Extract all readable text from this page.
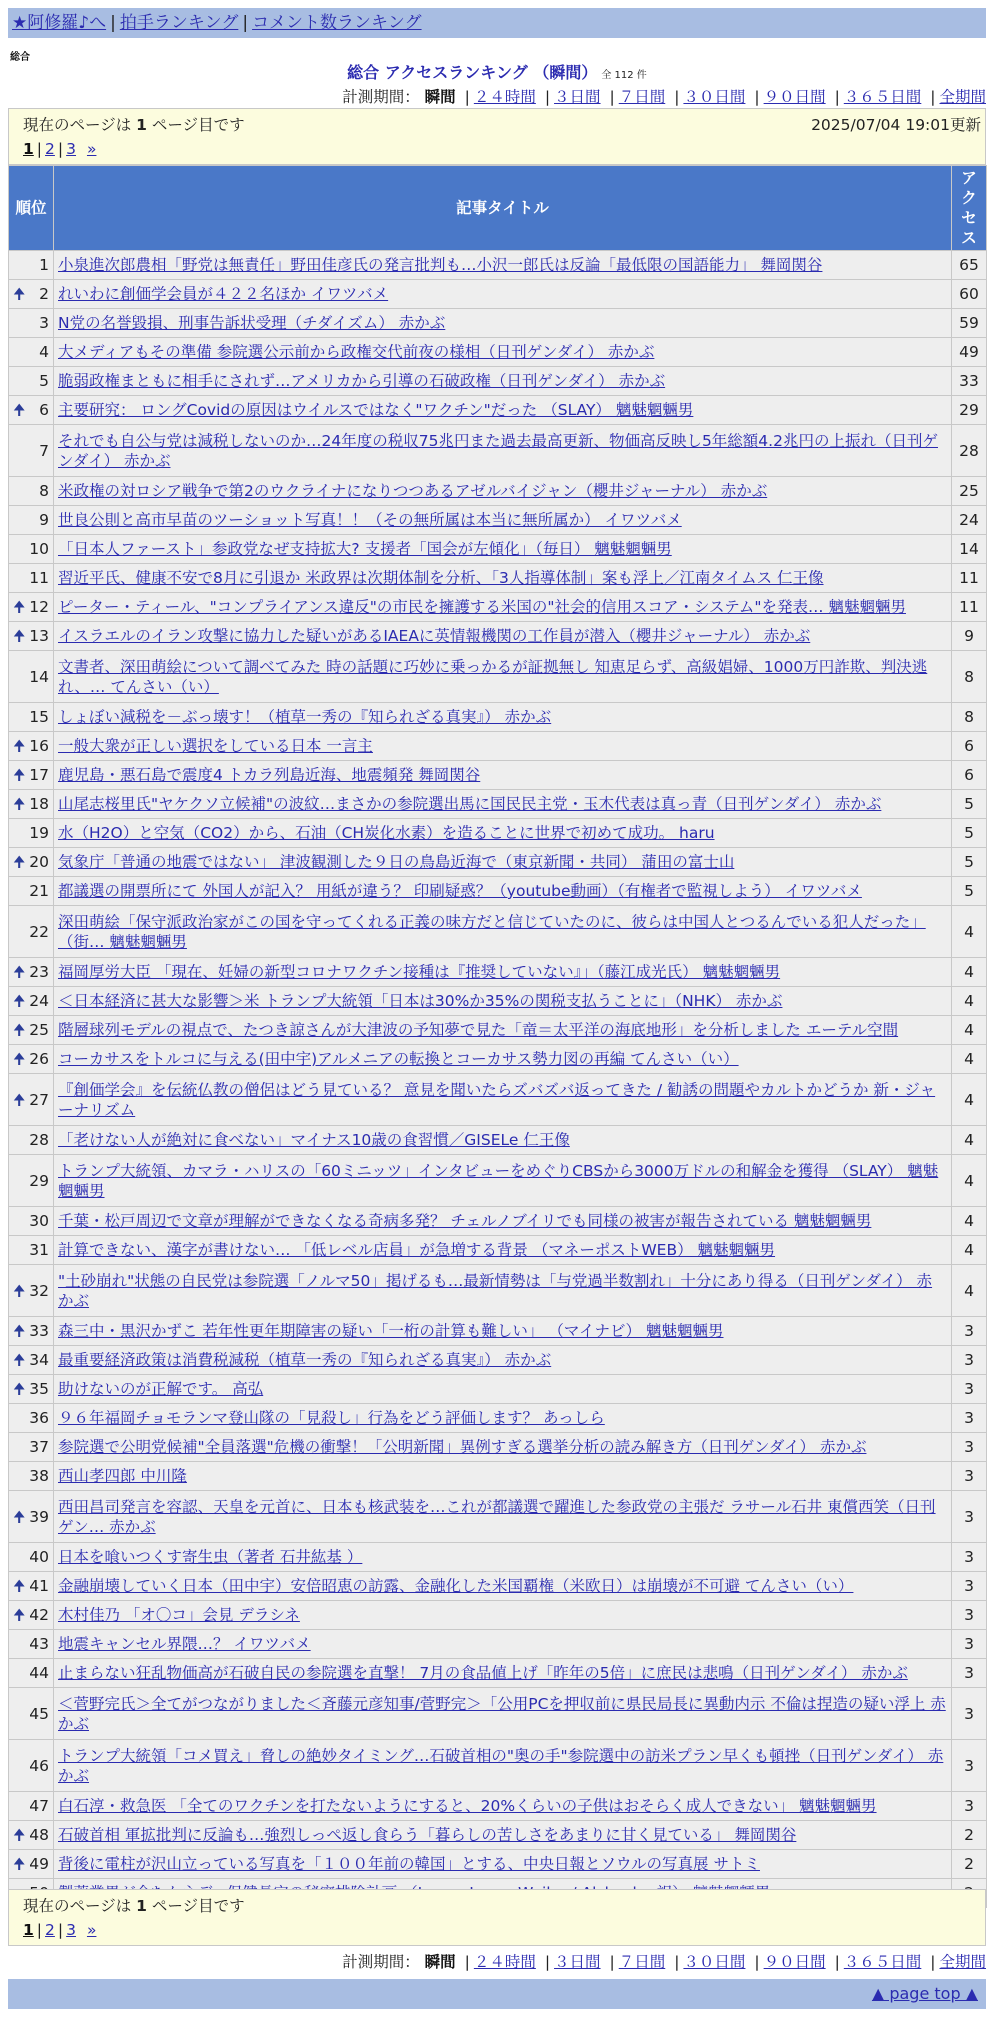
★阿修羅♪へ | 拍手ランキング | コメント数ランキング
総合
総合 アクセスランキング （瞬間） 全 112 件
計測期間： 瞬間 | ２４時間 | ３日間 | ７日間 | ３０日間 | ９０日間 | ３６５日間 | 全期間
現在のページは 1 ページ目です	2025/07/04 19:01更新
1 | 2 | 3 »
順位	記事タイトル	アクセス
1	小泉進次郎農相「野党は無責任」野田佳彦氏の発言批判も…小沢一郎氏は反論「最低限の国語能力」 舞岡関谷	65

🠉 2	れいわに創価学会員が４２２名ほか イワツバメ	60
3	N党の名誉毀損、刑事告訴状受理（チダイズム） 赤かぶ	59
4	大メディアもその準備 参院選公示前から政権交代前夜の様相（日刊ゲンダイ） 赤かぶ	49
5	脆弱政権まともに相手にされず…アメリカから引導の石破政権（日刊ゲンダイ） 赤かぶ	33

🠉 6	主要研究： ロングCovidの原因はウイルスではなく"ワクチン"だった （SLAY） 魑魅魍魎男	29
7	それでも自公与党は減税しないのか…24年度の税収75兆円また過去最高更新、物価高反映し5年総額4.2兆円の上振れ（日刊ゲンダイ） 赤かぶ	28
8	米政権の対ロシア戦争で第2のウクライナになりつつあるアゼルバイジャン（櫻井ジャーナル） 赤かぶ	25
9	世良公則と高市早苗のツーショット写真！！（その無所属は本当に無所属か） イワツバメ	24
10	「日本人ファースト」参政党なぜ支持拡大? 支援者「国会が左傾化」（毎日） 魑魅魍魎男	14
11	習近平氏、健康不安で8月に引退か 米政界は次期体制を分析、「3人指導体制」案も浮上／江南タイムス 仁王像	11

🠉 12	ピーター・ティール、"コンプライアンス違反"の市民を擁護する米国の"社会的信用スコア・システム"を発表… 魑魅魍魎男	11

🠉 13	イスラエルのイラン攻撃に協力した疑いがあるIAEAに英情報機関の工作員が潜入（櫻井ジャーナル） 赤かぶ	9
14	文書者、深田萌絵について調べてみた 時の話題に巧妙に乗っかるが証拠無し 知恵足らず、高級娼婦、1000万円詐欺、判決逃れ、… てんさい（い）	8
15	しょぼい減税を－ぶっ壊す！（植草一秀の『知られざる真実』） 赤かぶ	8

🠉 16	一般大衆が正しい選択をしている日本 一言主	6

🠉 17	鹿児島・悪石島で震度4 トカラ列島近海、地震頻発 舞岡関谷	6

🠉 18	山尾志桜里氏"ヤケクソ立候補"の波紋…まさかの参院選出馬に国民民主党・玉木代表は真っ青（日刊ゲンダイ） 赤かぶ	5
19	水（H2O）と空気（CO2）から、石油（CH炭化水素）を造ることに世界で初めて成功。 haru	5

🠉 20	気象庁「普通の地震ではない」 津波観測した９日の鳥島近海で（東京新聞・共同） 蒲田の富士山	5
21	都議選の開票所にて 外国人が記入？ 用紙が違う？ 印刷疑惑？（youtube動画）（有権者で監視しよう） イワツバメ	5
22	深田萌絵「保守派政治家がこの国を守ってくれる正義の味方だと信じていたのに、彼らは中国人とつるんでいる犯人だった」（街… 魑魅魍魎男	4

🠉 23	福岡厚労大臣 「現在、妊婦の新型コロナワクチン接種は『推奨していない』」（藤江成光氏） 魑魅魍魎男	4

🠉 24	＜日本経済に甚大な影響＞米 トランプ大統領「日本は30%か35%の関税支払うことに」（NHK） 赤かぶ	4

🠉 25	階層球列モデルの視点で、たつき諒さんが大津波の予知夢で見た「竜＝太平洋の海底地形」を分析しました エーテル空間	4

🠉 26	コーカサスをトルコに与える(田中宇)アルメニアの転換とコーカサス勢力図の再編 てんさい（い）	4

🠉 27	『創価学会』を伝統仏教の僧侶はどう見ている？ 意見を聞いたらズバズバ返ってきた / 勧誘の問題やカルトかどうか 新・ジャーナリズム	4
28	「老けない人が絶対に食べない」マイナス10歳の食習慣／GISELe 仁王像	4
29	トランプ大統領、カマラ・ハリスの「60ミニッツ」インタビューをめぐりCBSから3000万ドルの和解金を獲得 （SLAY） 魑魅魍魎男	4
30	千葉・松戸周辺で文章が理解ができなくなる奇病多発？ チェルノブイリでも同様の被害が報告されている 魑魅魍魎男	4
31	計算できない、漢字が書けない… 「低レベル店員」が急増する背景 （マネーポストWEB） 魑魅魍魎男	4

🠉 32	"土砂崩れ"状態の自民党は参院選「ノルマ50」掲げるも…最新情勢は「与党過半数割れ」十分にあり得る（日刊ゲンダイ） 赤かぶ	4

🠉 33	森三中・黒沢かずこ 若年性更年期障害の疑い「一桁の計算も難しい」 （マイナビ） 魑魅魍魎男	3

🠉 34	最重要経済政策は消費税減税（植草一秀の『知られざる真実』） 赤かぶ	3

🠉 35	助けないのが正解です。 高弘	3
36	９６年福岡チョモランマ登山隊の「見殺し」行為をどう評価します？ あっしら	3
37	参院選で公明党候補"全員落選"危機の衝撃！「公明新聞」異例すぎる選挙分析の読み解き方（日刊ゲンダイ） 赤かぶ	3
38	西山孝四郎 中川隆	3

🠉 39	西田昌司発言を容認、天皇を元首に、日本も核武装を…これが都議選で躍進した参政党の主張だ ラサール石井 東償西笑（日刊ゲン… 赤かぶ	3
40	日本を喰いつくす寄生虫（著者 石井紘基 ）	3

🠉 41	金融崩壊していく日本（田中宇）安倍昭恵の訪露、金融化した米国覇権（米欧日）は崩壊が不可避 てんさい（い）	3

🠉 42	木村佳乃 「オ〇コ」会見 デラシネ	3
43	地震キャンセル界隈…？ イワツバメ	3
44	止まらない狂乱物価高が石破自民の参院選を直撃！ 7月の食品値上げ「昨年の5倍」に庶民は悲鳴（日刊ゲンダイ） 赤かぶ	3
45	＜菅野完氏＞全てがつながりました＜斉藤元彦知事/菅野完＞「公用PCを押収前に県民局長に異動内示 不倫は捏造の疑い浮上 赤かぶ	3
46	トランプ大統領「コメ買え」脅しの絶妙タイミング…石破首相の"奥の手"参院選中の訪米プラン早くも頓挫（日刊ゲンダイ） 赤かぶ	3
47	白石淳・救急医 「全てのワクチンを打たないようにすると、20%くらいの子供はおそらく成人できない」 魑魅魍魎男	3

🠉 48	石破首相 軍拡批判に反論も…強烈しっぺ返し食らう「暮らしの苦しさをあまりに甘く見ている」 舞岡関谷	2

🠉 49	背後に電柱が沢山立っている写真を「１００年前の韓国」とする、中央日報とソウルの写真展 サトミ	2

現在のページは 1 ページ目です
1 | 2 | 3 »
計測期間： 瞬間 | ２４時間 | ３日間 | ７日間 | ３０日間 | ９０日間 | ３６５日間 | 全期間
▲ page top ▲
